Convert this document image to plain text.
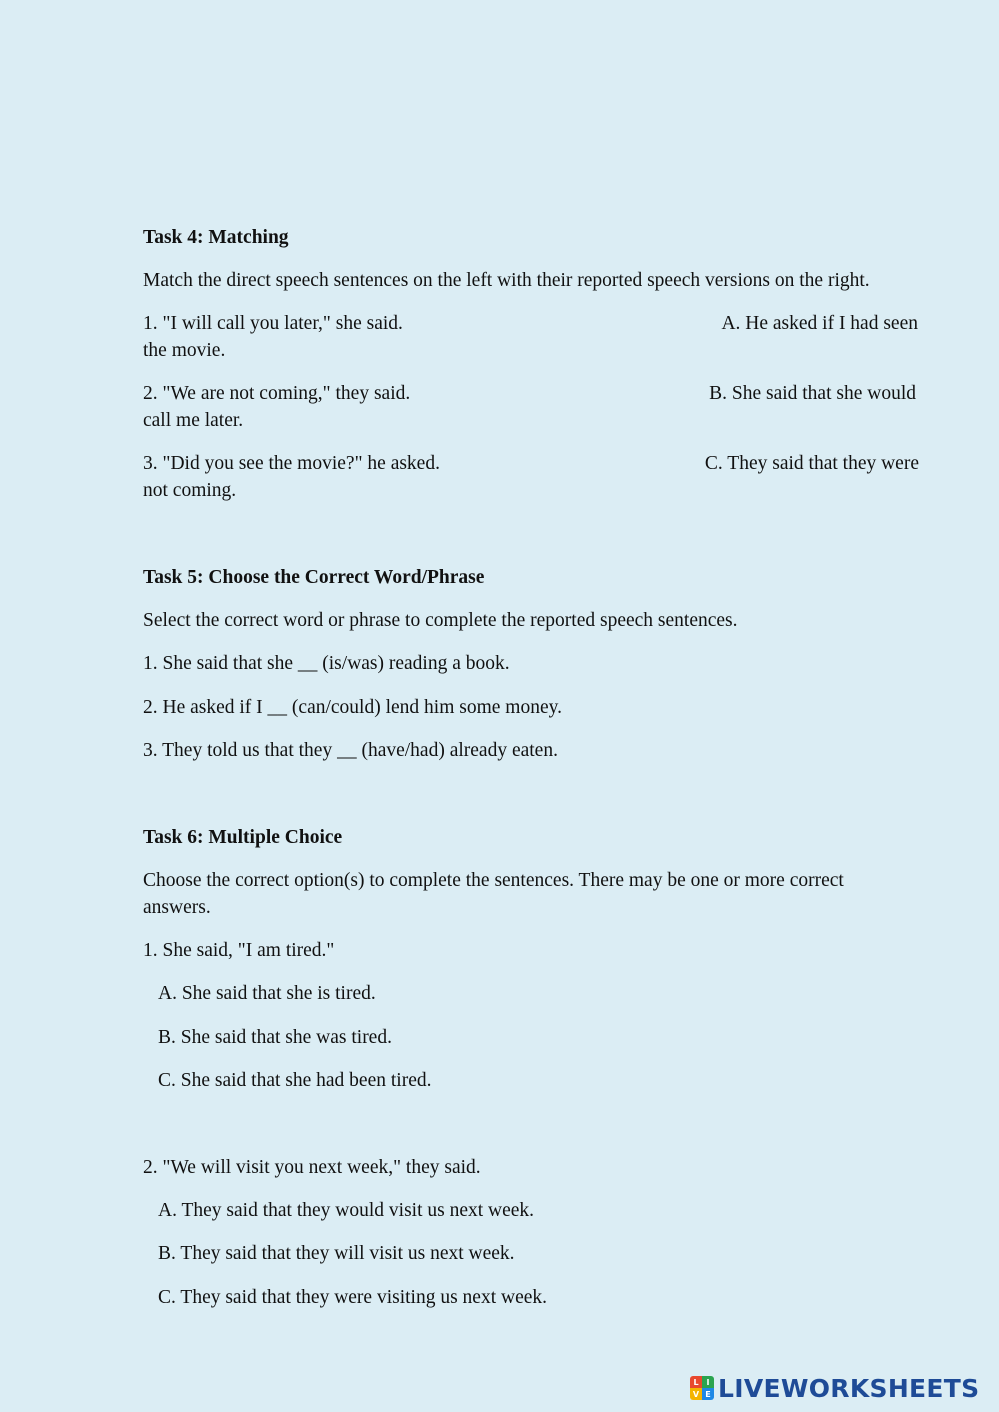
Task 4: Matching
Match the direct speech sentences on the left with their reported speech versions on the right.
1. "I will call you later," she said.	A. He asked if I had seen
the movie.
2. "We are not coming," they said.	B. She said that she would
call me later.
3. "Did you see the movie?" he asked.	C. They said that they were
not coming.
Task 5: Choose the Correct Word/Phrase
Select the correct word or phrase to complete the reported speech sentences.
1. She said that she __ (is/was) reading a book.
2. He asked if I __ (can/could) lend him some money.
3. They told us that they __ (have/had) already eaten.
Task 6: Multiple Choice
Choose the correct option(s) to complete the sentences. There may be one or more correct
answers.
1. She said, "I am tired."
A. She said that she is tired.
B. She said that she was tired.
C. She said that she had been tired.
2. "We will visit you next week," they said.
A. They said that they would visit us next week.
B. They said that they will visit us next week.
C. They said that they were visiting us next week.
L I
V E LIVEWORKSHEETS
